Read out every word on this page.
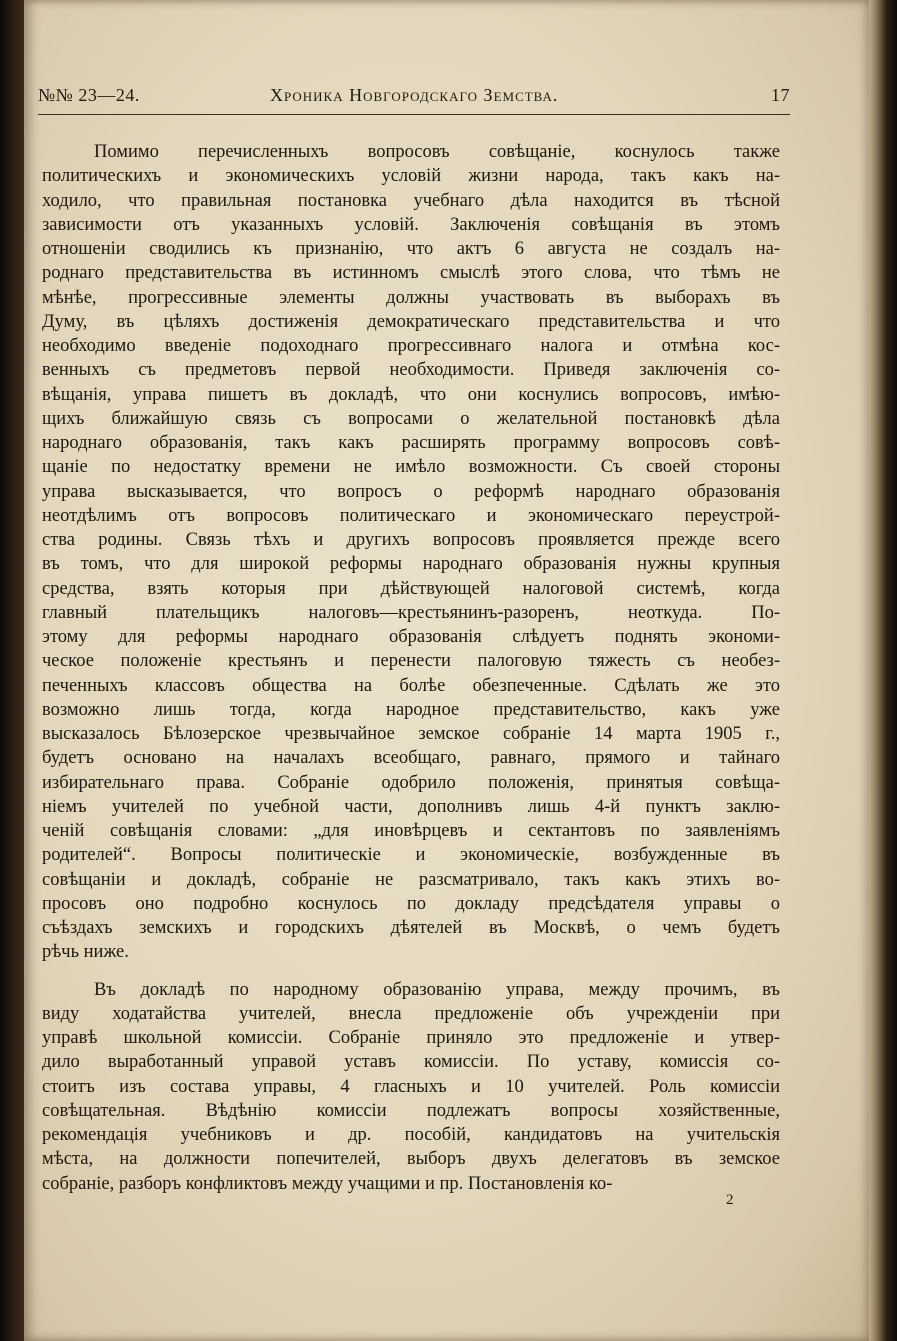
№№ 23—24.	Хроника Новгородскаго Земства.	17
Помимо перечисленныхъ вопросовъ совѣщаніе, коснулось также
политическихъ и экономическихъ условій жизни народа, такъ какъ на-
ходило, что правильная постановка учебнаго дѣла находится въ тѣсной
зависимости отъ указанныхъ условій. Заключенія совѣщанія въ этомъ
отношеніи сводились къ признанію, что актъ 6 августа не создалъ на-
роднаго представительства въ истинномъ смыслѣ этого слова, что тѣмъ не
мѣнѣе, прогрессивные элементы должны участвовать въ выборахъ въ
Думу, въ цѣляхъ достиженія демократическаго представительства и что
необходимо введеніе подоходнаго прогрессивнаго налога и отмѣна кос-
венныхъ съ предметовъ первой необходимости. Приведя заключенія со-
вѣщанія, управа пишетъ въ докладѣ, что они коснулись вопросовъ, имѣю-
щихъ ближайшую связь съ вопросами о желательной постановкѣ дѣла
народнаго образованія, такъ какъ расширять программу вопросовъ совѣ-
щаніе по недостатку времени не имѣло возможности. Съ своей стороны
управа высказывается, что вопросъ о реформѣ народнаго образованія
неотдѣлимъ отъ вопросовъ политическаго и экономическаго переустрой-
ства родины. Связь тѣхъ и другихъ вопросовъ проявляется прежде всего
въ томъ, что для широкой реформы народнаго образованія нужны крупныя
средства, взять которыя при дѣйствующей налоговой системѣ, когда
главный плательщикъ налоговъ—крестьянинъ-разоренъ, неоткуда. По-
этому для реформы народнаго образованія слѣдуетъ поднять экономи-
ческое положеніе крестьянъ и перенести палоговую тяжесть съ необез-
печенныхъ классовъ общества на болѣе обезпеченные. Сдѣлать же это
возможно лишь тогда, когда народное представительство, какъ уже
высказалось Бѣлозерское чрезвычайное земское собраніе 14 марта 1905 г.,
будетъ основано на началахъ всеобщаго, равнаго, прямого и тайнаго
избирательнаго права. Собраніе одобрило положенія, принятыя совѣща-
ніемъ учителей по учебной части, дополнивъ лишь 4-й пунктъ заклю-
ченій совѣщанія словами: „для иновѣрцевъ и сектантовъ по заявленіямъ
родителей“. Вопросы политическіе и экономическіе, возбужденные въ
совѣщаніи и докладѣ, собраніе не разсматривало, такъ какъ этихъ во-
просовъ оно подробно коснулось по докладу предсѣдателя управы о
съѣздахъ земскихъ и городскихъ дѣятелей въ Москвѣ, о чемъ будетъ
рѣчь ниже.
Въ докладѣ по народному образованію управа, между прочимъ, въ
виду ходатайства учителей, внесла предложеніе объ учрежденіи при
управѣ школьной комиссіи. Собраніе приняло это предложеніе и утвер-
дило выработанный управой уставъ комиссіи. По уставу, комиссія со-
стоитъ изъ состава управы, 4 гласныхъ и 10 учителей. Роль комиссіи
совѣщательная. Вѣдѣнію комиссіи подлежатъ вопросы хозяйственные,
рекомендація учебниковъ и др. пособій, кандидатовъ на учительскія
мѣста, на должности попечителей, выборъ двухъ делегатовъ въ земское
собраніе, разборъ конфликтовъ между учащими и пр. Постановленія ко-
2
